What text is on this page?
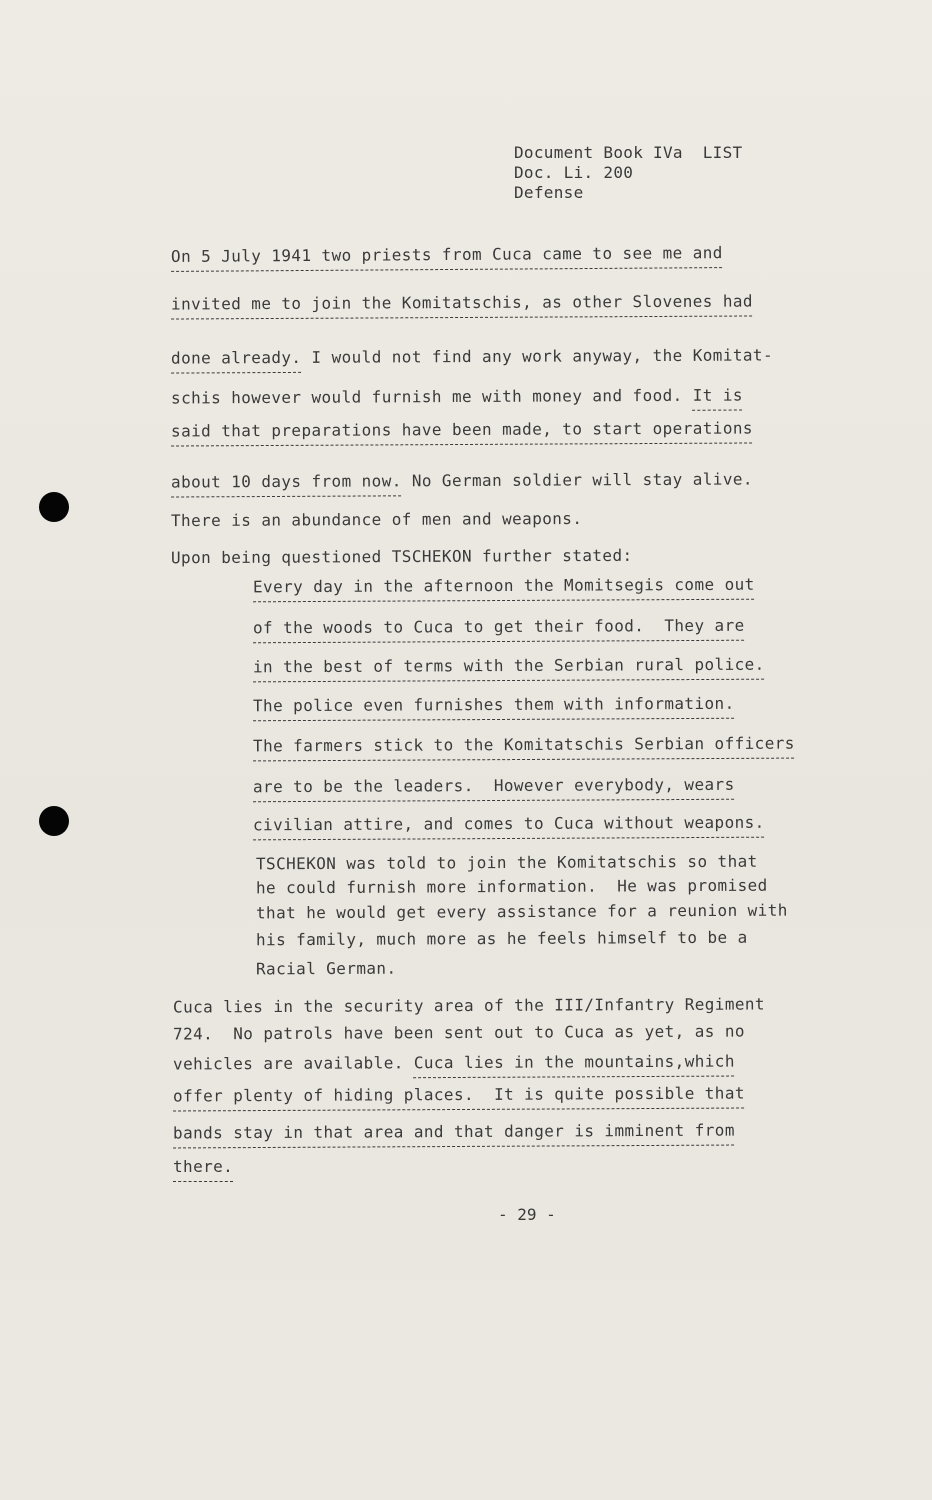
Document Book IVa  LIST
Doc. Li. 200
Defense
On 5 July 1941 two priests from Cuca came to see me and
invited me to join the Komitatschis, as other Slovenes had
done already. I would not find any work anyway, the Komitat-
schis however would furnish me with money and food. It is
said that preparations have been made, to start operations
about 10 days from now. No German soldier will stay alive.
There is an abundance of men and weapons.
Upon being questioned TSCHEKON further stated:
Every day in the afternoon the Momitsegis come out
of the woods to Cuca to get their food.  They are
in the best of terms with the Serbian rural police.
The police even furnishes them with information.
The farmers stick to the Komitatschis Serbian officers
are to be the leaders.  However everybody, wears
civilian attire, and comes to Cuca without weapons.
TSCHEKON was told to join the Komitatschis so that
he could furnish more information.  He was promised
that he would get every assistance for a reunion with
his family, much more as he feels himself to be a
Racial German.
Cuca lies in the security area of the III/Infantry Regiment
724.  No patrols have been sent out to Cuca as yet, as no
vehicles are available. Cuca lies in the mountains,which
offer plenty of hiding places.  It is quite possible that
bands stay in that area and that danger is imminent from
there.
- 29 -
